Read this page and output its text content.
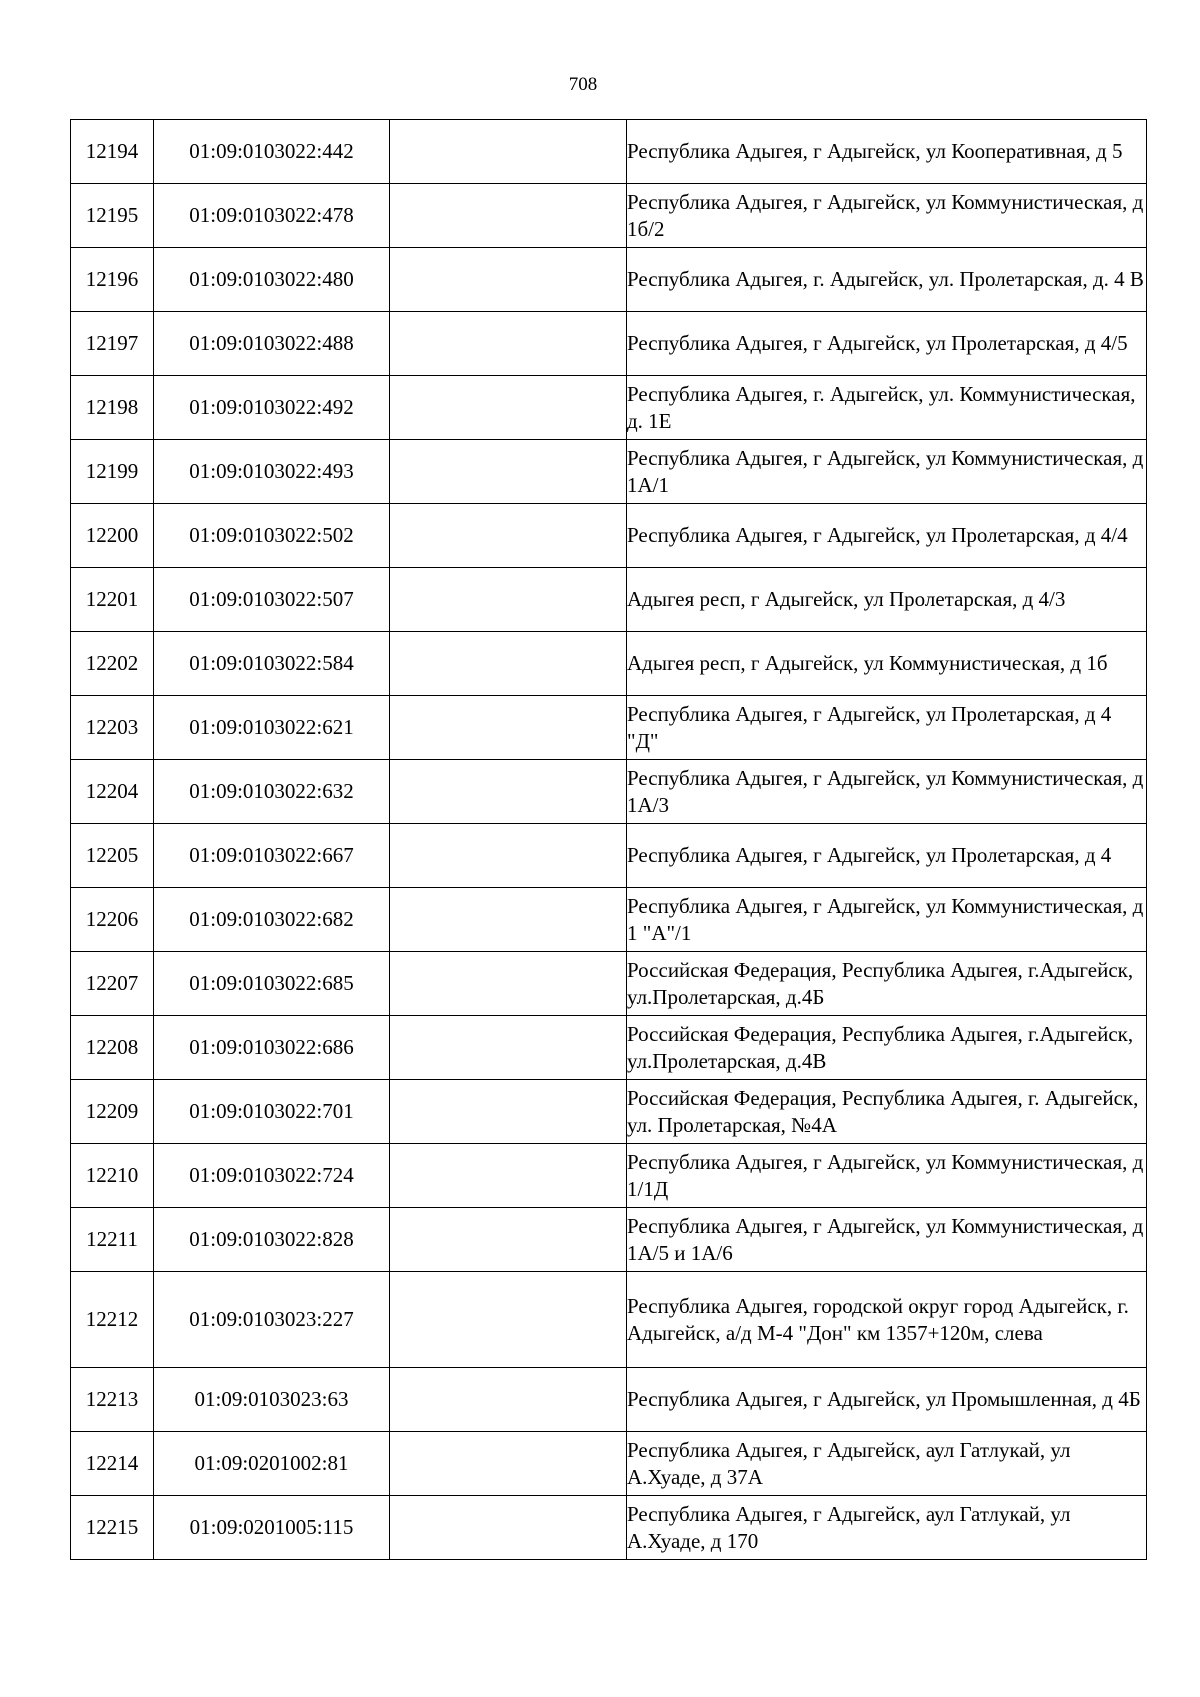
708
12194	01:09:0103022:442		Республика Адыгея, г Адыгейск, ул Кооперативная, д 5
12195	01:09:0103022:478		Республика Адыгея, г Адыгейск, ул Коммунистическая, д 1б/2
12196	01:09:0103022:480		Республика Адыгея, г. Адыгейск, ул. Пролетарская, д. 4 В
12197	01:09:0103022:488		Республика Адыгея, г Адыгейск, ул Пролетарская, д 4/5
12198	01:09:0103022:492		Республика Адыгея, г. Адыгейск, ул. Коммунистическая, д. 1Е
12199	01:09:0103022:493		Республика Адыгея, г Адыгейск, ул Коммунистическая, д 1А/1
12200	01:09:0103022:502		Республика Адыгея, г Адыгейск, ул Пролетарская, д 4/4
12201	01:09:0103022:507		Адыгея респ, г Адыгейск, ул Пролетарская, д 4/3
12202	01:09:0103022:584		Адыгея респ, г Адыгейск, ул Коммунистическая, д 1б
12203	01:09:0103022:621		Республика Адыгея, г Адыгейск, ул Пролетарская, д 4 "Д"
12204	01:09:0103022:632		Республика Адыгея, г Адыгейск, ул Коммунистическая, д 1А/3
12205	01:09:0103022:667		Республика Адыгея, г Адыгейск, ул Пролетарская, д 4
12206	01:09:0103022:682		Республика Адыгея, г Адыгейск, ул Коммунистическая, д 1 "А"/1
12207	01:09:0103022:685		Российская Федерация, Республика Адыгея, г.Адыгейск, ул.Пролетарская, д.4Б
12208	01:09:0103022:686		Российская Федерация, Республика Адыгея, г.Адыгейск, ул.Пролетарская, д.4В
12209	01:09:0103022:701		Российская Федерация, Республика Адыгея, г. Адыгейск, ул. Пролетарская, №4А
12210	01:09:0103022:724		Республика Адыгея, г Адыгейск, ул Коммунистическая, д 1/1Д
12211	01:09:0103022:828		Республика Адыгея, г Адыгейск, ул Коммунистическая, д 1А/5 и 1А/6
12212	01:09:0103023:227		Республика Адыгея, городской округ город Адыгейск, г. Адыгейск, а/д М-4 "Дон" км 1357+120м, слева
12213	01:09:0103023:63		Республика Адыгея, г Адыгейск, ул Промышленная, д 4Б
12214	01:09:0201002:81		Республика Адыгея, г Адыгейск, аул Гатлукай, ул А.Хуаде, д 37А
12215	01:09:0201005:115		Республика Адыгея, г Адыгейск, аул Гатлукай, ул А.Хуаде, д 170
